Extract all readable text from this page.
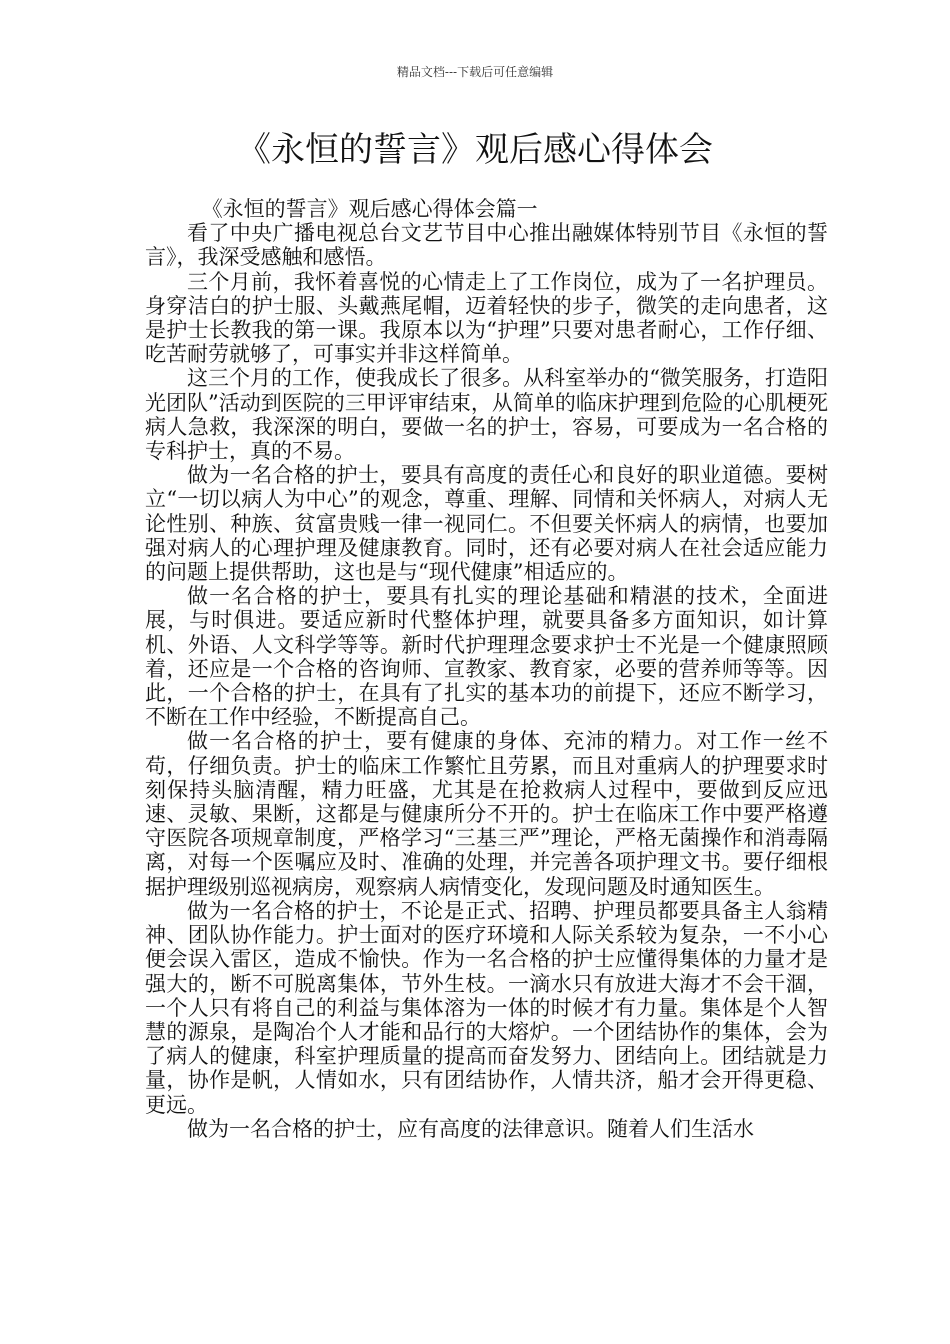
精品文档---下载后可任意编辑
《永恒的誓言》观后感心得体会

《永恒的誓言》观后感心得体会篇一

看了中央广播电视总台文艺节目中心推出融媒体特别节目《永恒的誓言》，我深受感触和感悟。

三个月前，我怀着喜悦的心情走上了工作岗位，成为了一名护理员。身穿洁白的护士服、头戴燕尾帽，迈着轻快的步子，微笑的走向患者，这是护士长教我的第一课。我原本以为“护理”只要对患者耐心，工作仔细、吃苦耐劳就够了，可事实并非这样简单。

这三个月的工作，使我成长了很多。从科室举办的“微笑服务，打造阳光团队”活动到医院的三甲评审结束，从简单的临床护理到危险的心肌梗死病人急救，我深深的明白，要做一名的护士，容易，可要成为一名合格的专科护士，真的不易。

做为一名合格的护士，要具有高度的责任心和良好的职业道德。要树立“一切以病人为中心”的观念，尊重、理解、同情和关怀病人，对病人无论性别、种族、贫富贵贱一律一视同仁。不但要关怀病人的病情，也要加强对病人的心理护理及健康教育。同时，还有必要对病人在社会适应能力的问题上提供帮助，这也是与“现代健康”相适应的。

做一名合格的护士，要具有扎实的理论基础和精湛的技术，全面进展，与时俱进。要适应新时代整体护理，就要具备多方面知识，如计算机、外语、人文科学等等。新时代护理理念要求护士不光是一个健康照顾着，还应是一个合格的咨询师、宣教家、教育家，必要的营养师等等。因此，一个合格的护士，在具有了扎实的基本功的前提下，还应不断学习，不断在工作中经验，不断提高自己。

做一名合格的护士，要有健康的身体、充沛的精力。对工作一丝不苟，仔细负责。护士的临床工作繁忙且劳累，而且对重病人的护理要求时刻保持头脑清醒，精力旺盛，尤其是在抢救病人过程中，要做到反应迅速、灵敏、果断，这都是与健康所分不开的。护士在临床工作中要严格遵守医院各项规章制度，严格学习“三基三严”理论，严格无菌操作和消毒隔离，对每一个医嘱应及时、准确的处理，并完善各项护理文书。要仔细根据护理级别巡视病房，观察病人病情变化，发现问题及时通知医生。

做为一名合格的护士，不论是正式、招聘、护理员都要具备主人翁精神、团队协作能力。护士面对的医疗环境和人际关系较为复杂，一不小心便会误入雷区，造成不愉快。作为一名合格的护士应懂得集体的力量才是强大的，断不可脱离集体，节外生枝。一滴水只有放进大海才不会干涸，一个人只有将自己的利益与集体溶为一体的时候才有力量。集体是个人智慧的源泉，是陶冶个人才能和品行的大熔炉。一个团结协作的集体，会为了病人的健康，科室护理质量的提高而奋发努力、团结向上。团结就是力量，协作是帆，人情如水，只有团结协作，人情共济，船才会开得更稳、更远。

做为一名合格的护士，应有高度的法律意识。随着人们生活水
